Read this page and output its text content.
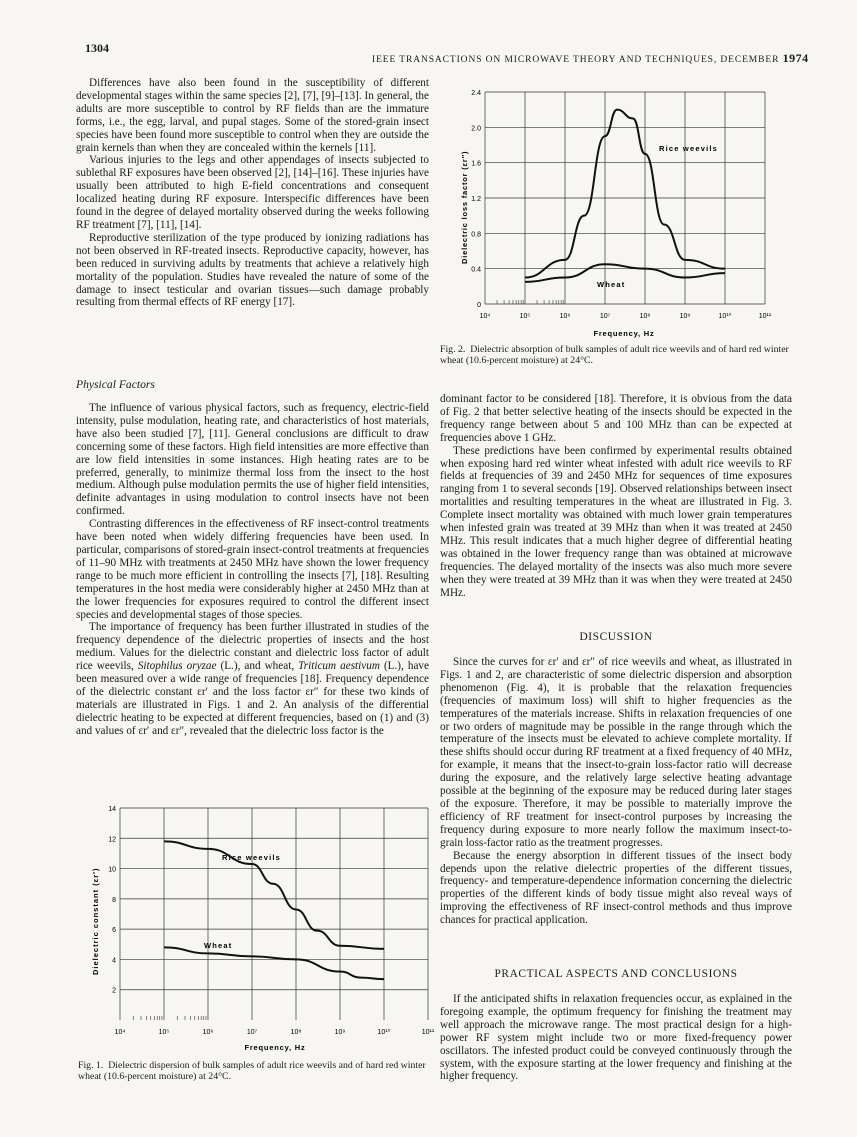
1304
IEEE TRANSACTIONS ON MICROWAVE THEORY AND TECHNIQUES, DECEMBER 1974

Differences have also been found in the susceptibility of different developmental stages within the same species [2], [7], [9]–[13]. In general, the adults are more susceptible to control by RF fields than are the immature forms, i.e., the egg, larval, and pupal stages. Some of the stored-grain insect species have been found more susceptible to control when they are outside the grain kernels than when they are concealed within the kernels [11].

Various injuries to the legs and other appendages of insects subjected to sublethal RF exposures have been observed [2], [14]–[16]. These injuries have usually been attributed to high E-field concentrations and consequent localized heating during RF exposure. Interspecific differences have been found in the degree of delayed mortality observed during the weeks following RF treatment [7], [11], [14].

Reproductive sterilization of the type produced by ionizing radiations has not been observed in RF-treated insects. Reproductive capacity, however, has been reduced in surviving adults by treatments that achieve a relatively high mortality of the population. Studies have revealed the nature of some of the damage to insect testicular and ovarian tissues—such damage probably resulting from thermal effects of RF energy [17].

Physical Factors

The influence of various physical factors, such as frequency, electric-field intensity, pulse modulation, heating rate, and characteristics of host materials, have also been studied [7], [11]. General conclusions are difficult to draw concerning some of these factors. High field intensities are more effective than are low field intensities in some instances. High heating rates are to be preferred, generally, to minimize thermal loss from the insect to the host medium. Although pulse modulation permits the use of higher field intensities, definite advantages in using modulation to control insects have not been confirmed.

Contrasting differences in the effectiveness of RF insect-control treatments have been noted when widely differing frequencies have been used. In particular, comparisons of stored-grain insect-control treatments at frequencies of 11–90 MHz with treatments at 2450 MHz have shown the lower frequency range to be much more efficient in controlling the insects [7], [18]. Resulting temperatures in the host media were considerably higher at 2450 MHz than at the lower frequencies for exposures required to control the different insect species and developmental stages of those species.

The importance of frequency has been further illustrated in studies of the frequency dependence of the dielectric properties of insects and the host medium. Values for the dielectric constant and dielectric loss factor of adult rice weevils, Sitophilus oryzae (L.), and wheat, Triticum aestivum (L.), have been measured over a wide range of frequencies [18]. Frequency dependence of the dielectric constant εr′ and the loss factor εr″ for these two kinds of materials are illustrated in Figs. 1 and 2. An analysis of the differential dielectric heating to be expected at different frequencies, based on (1) and (3) and values of εr′ and εr″, revealed that the dielectric loss factor is the

10⁴	10⁵	10⁶	10⁷	10⁸	10⁹	10¹⁰	10¹¹
2
4
6
8
10
12
14
Dielectric constant (εr′)
Frequency, Hz
Rice weevils
Wheat
Fig. 1. Dielectric dispersion of bulk samples of adult rice weevils and of hard red winter wheat (10.6-percent moisture) at 24°C.
10⁴	10⁵	10⁶	10⁷	10⁸	10⁹	10¹⁰	10¹¹
0
0.4
0.8
1.2
1.6
2.0
2.4
Dielectric loss factor (εr″)
Frequency, Hz
Rice weevils
Wheat
Fig. 2. Dielectric absorption of bulk samples of adult rice weevils and of hard red winter wheat (10.6-percent moisture) at 24°C.

dominant factor to be considered [18]. Therefore, it is obvious from the data of Fig. 2 that better selective heating of the insects should be expected in the frequency range between about 5 and 100 MHz than can be expected at frequencies above 1 GHz.

These predictions have been confirmed by experimental results obtained when exposing hard red winter wheat infested with adult rice weevils to RF fields at frequencies of 39 and 2450 MHz for sequences of time exposures ranging from 1 to several seconds [19]. Observed relationships between insect mortalities and resulting temperatures in the wheat are illustrated in Fig. 3. Complete insect mortality was obtained with much lower grain temperatures when infested grain was treated at 39 MHz than when it was treated at 2450 MHz. This result indicates that a much higher degree of differential heating was obtained in the lower frequency range than was obtained at microwave frequencies. The delayed mortality of the insects was also much more severe when they were treated at 39 MHz than it was when they were treated at 2450 MHz.

DISCUSSION

Since the curves for εr′ and εr″ of rice weevils and wheat, as illustrated in Figs. 1 and 2, are characteristic of some dielectric dispersion and absorption phenomenon (Fig. 4), it is probable that the relaxation frequencies (frequencies of maximum loss) will shift to higher frequencies as the temperatures of the materials increase. Shifts in relaxation frequencies of one or two orders of magnitude may be possible in the range through which the temperature of the insects must be elevated to achieve complete mortality. If these shifts should occur during RF treatment at a fixed frequency of 40 MHz, for example, it means that the insect-to-grain loss-factor ratio will decrease during the exposure, and the relatively large selective heating advantage possible at the beginning of the exposure may be reduced during later stages of the exposure. Therefore, it may be possible to materially improve the efficiency of RF treatment for insect-control purposes by increasing the frequency during exposure to more nearly follow the maximum insect-to-grain loss-factor ratio as the treatment progresses.

Because the energy absorption in different tissues of the insect body depends upon the relative dielectric properties of the different tissues, frequency- and temperature-dependence information concerning the dielectric properties of the different kinds of body tissue might also reveal ways of improving the effectiveness of RF insect-control methods and thus improve chances for practical application.

PRACTICAL ASPECTS AND CONCLUSIONS

If the anticipated shifts in relaxation frequencies occur, as explained in the foregoing example, the optimum frequency for finishing the treatment may well approach the microwave range. The most practical design for a high-power RF system might include two or more fixed-frequency power oscillators. The infested product could be conveyed continuously through the system, with the exposure starting at the lower frequency and finishing at the higher frequency.
